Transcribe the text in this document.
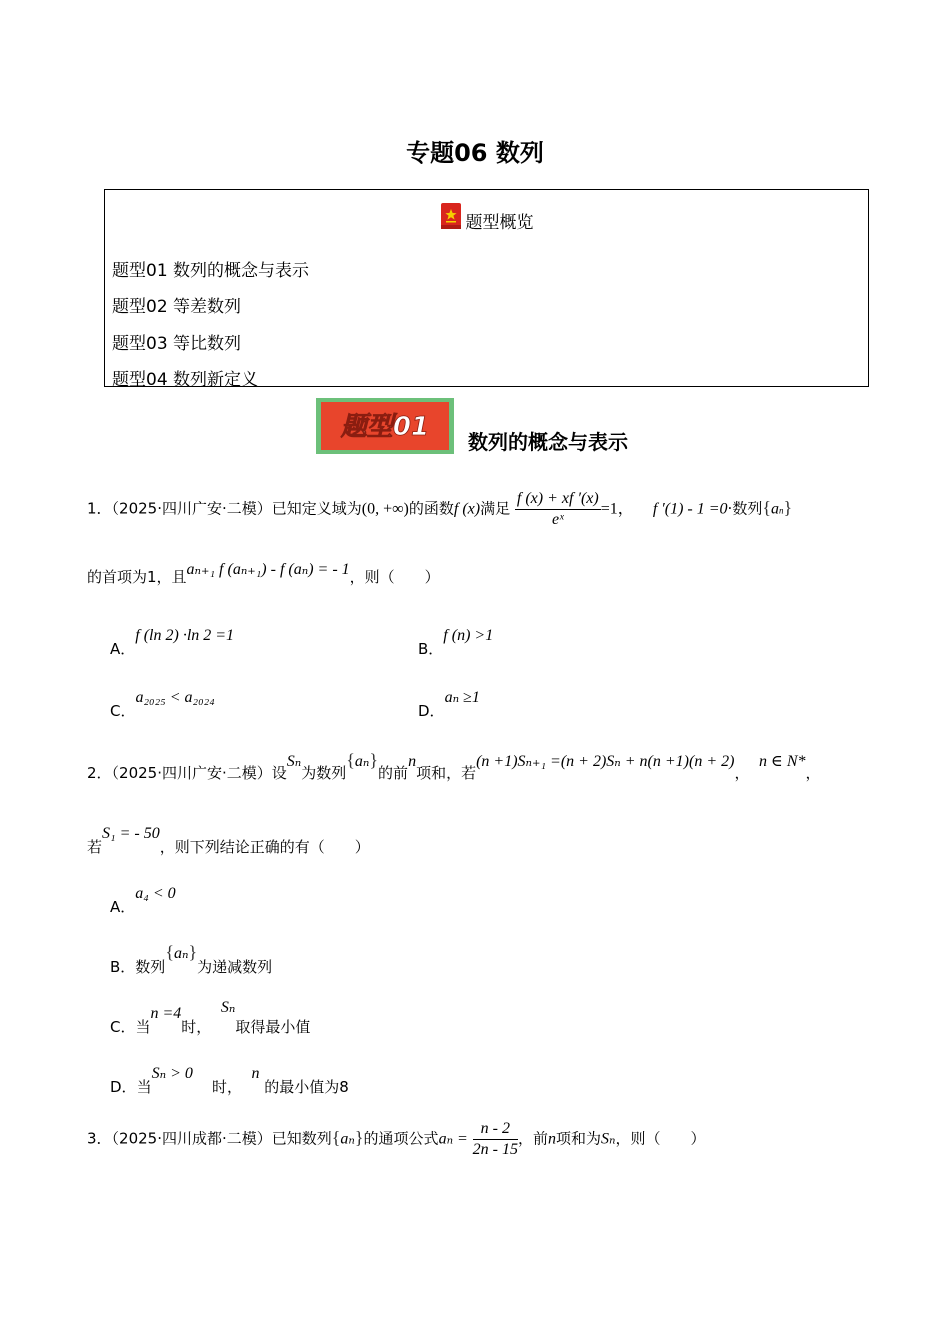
专题06 数列
题型概览
题型01 数列的概念与表示
题型02 等差数列
题型03 等比数列
题型04 数列新定义
题型01 数列的概念与表示
1．（2025·四川广安·二模）已知定义域为(0, +∞)的函数f (x)满足 $\frac{f (x) + xf '(x)}{\text{eˣ}} =1$， f ′(1) - 1 =0·数列{an}
的首项为1，且aₙ₊₁ f (aₙ₊₁) - f (aₙ) = - 1，则（　　）
A．f (ln 2) ·ln 2 =1
B．f (n) >1
C．a₂₀₂₅ < a₂₀₂₄
D．aₙ ≥1
2．（2025·四川广安·二模）设Sₙ为数列{aₙ}的前n项和，若(n +1)Sₙ₊₁ =(n + 2)Sₙ + n(n +1)(n + 2)，  n ∈ N*，
若S₁ = - 50，则下列结论正确的有（　　）
A．a₄ < 0
B．数列{aₙ}为递减数列
C．当n =4时，  Sₙ取得最小值
D．当Sₙ > 0    时，  n 的最小值为8
3．（2025·四川成都·二模）已知数列{aₙ}的通项公式$a_n = \frac{n - 2}{2n - 15}$ ，前n项和为Sₙ，则（　　）
